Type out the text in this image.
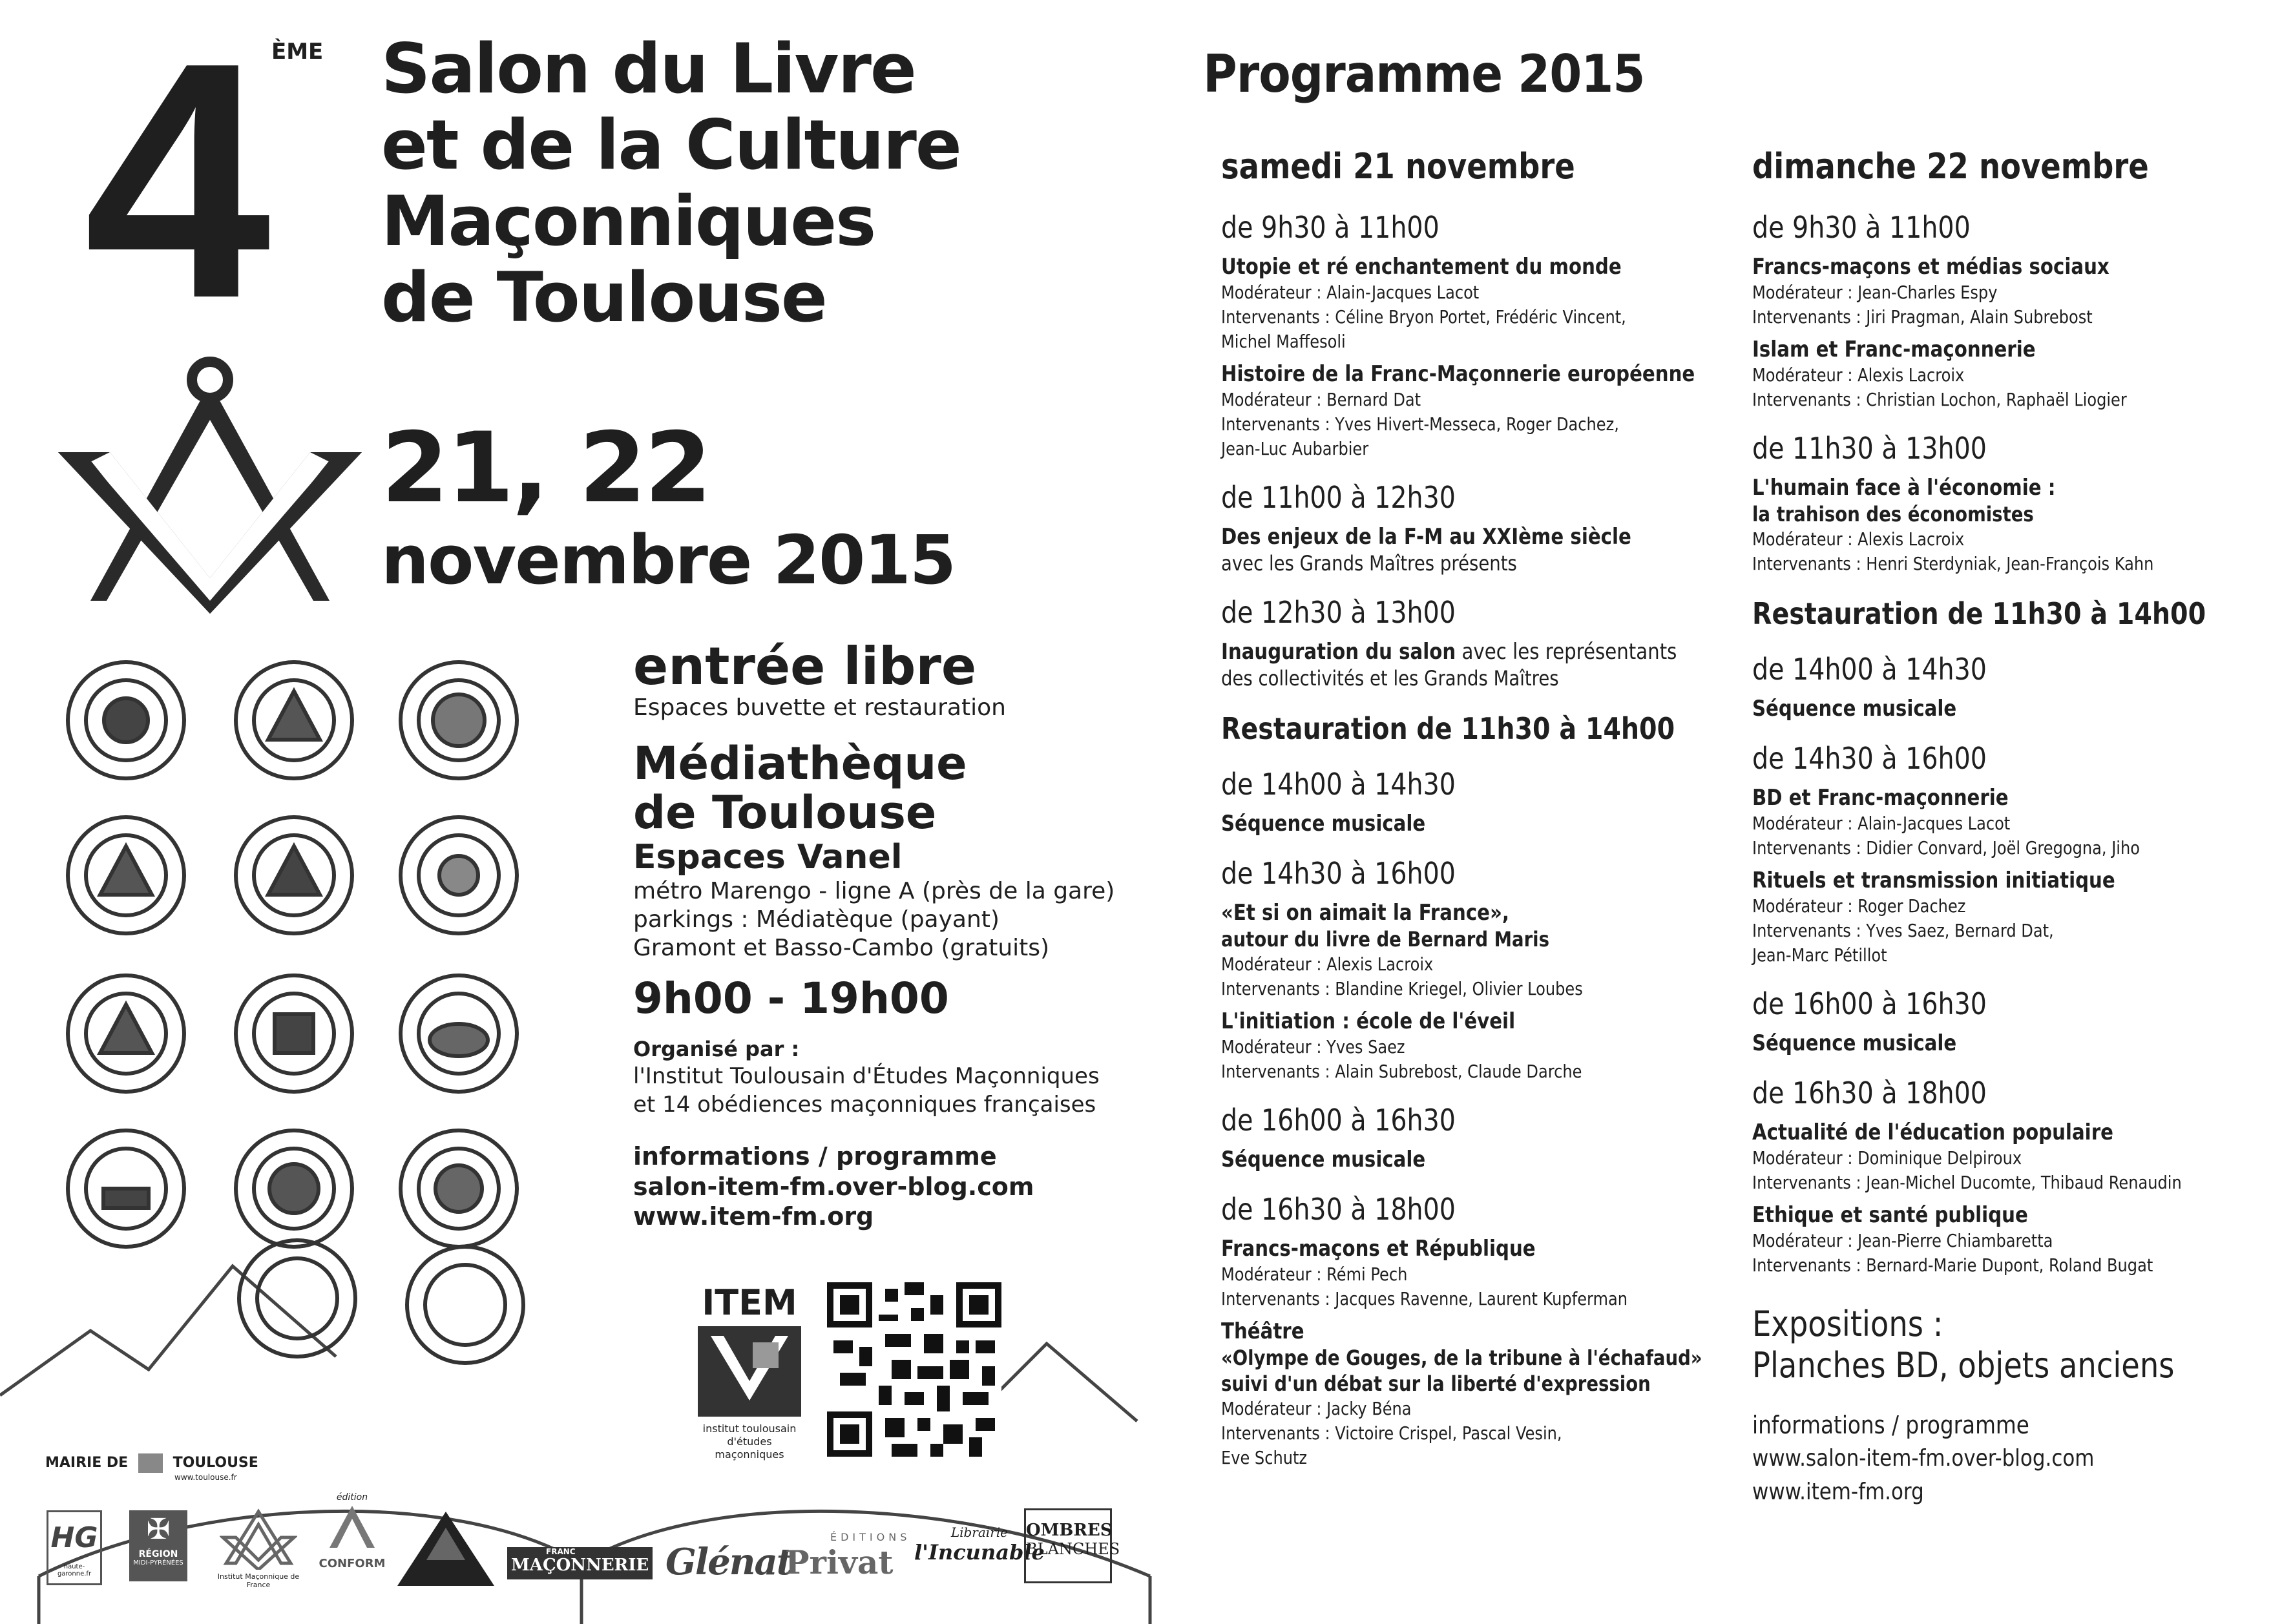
4 ÈME Salon du Livre
et de la Culture
Maçonniques
de Toulouse
21, 22
novembre 2015
entrée libre
Espaces buvette et restauration
Médiathèque
de Toulouse
Espaces Vanel
métro Marengo - ligne A (près de la gare)
parkings : Médiatèque (payant)
Gramont et Basso-Cambo (gratuits)
9h00 - 19h00
Organisé par :
l'Institut Toulousain d'Études Maçonniques
et 14 obédiences maçonniques françaises
informations / programme
salon-item-fm.over-blog.com
www.item-fm.org
ITEM
institut toulousain
d'études maçonniques
MAIRIE DE	TOULOUSE
www.toulouse.fr
HG
haute-garonne.fr
✠
RÉGION
MIDI-PYRÉNÉES
Institut Maçonnique de France
édition
CONFORM
FRANC
MAÇONNERIE Glénat
ÉDITIONS
Privat
Librairie
l'Incunable
OMBRES
BLANCHES
Programme 2015
samedi 21 novembre
de 9h30 à 11h00
Utopie et ré enchantement du monde
Modérateur : Alain-Jacques Lacot
Intervenants : Céline Bryon Portet, Frédéric Vincent,
Michel Maffesoli
Histoire de la Franc-Maçonnerie européenne
Modérateur : Bernard Dat
Intervenants : Yves Hivert-Messeca, Roger Dachez,
Jean-Luc Aubarbier
de 11h00 à 12h30
Des enjeux de la F-M au XXIème siècle
avec les Grands Maîtres présents
de 12h30 à 13h00
Inauguration du salon avec les représentants
des collectivités et les Grands Maîtres
Restauration de 11h30 à 14h00
de 14h00 à 14h30
Séquence musicale
de 14h30 à 16h00
«Et si on aimait la France»,
autour du livre de Bernard Maris
Modérateur : Alexis Lacroix
Intervenants : Blandine Kriegel, Olivier Loubes
L'initiation : école de l'éveil
Modérateur : Yves Saez
Intervenants : Alain Subrebost, Claude Darche
de 16h00 à 16h30
Séquence musicale
de 16h30 à 18h00
Francs-maçons et République
Modérateur : Rémi Pech
Intervenants : Jacques Ravenne, Laurent Kupferman
Théâtre
«Olympe de Gouges, de la tribune à l'échafaud»
suivi d'un débat sur la liberté d'expression
Modérateur : Jacky Béna
Intervenants : Victoire Crispel, Pascal Vesin,
Eve Schutz
dimanche 22 novembre
de 9h30 à 11h00
Francs-maçons et médias sociaux
Modérateur : Jean-Charles Espy
Intervenants : Jiri Pragman, Alain Subrebost
Islam et Franc-maçonnerie
Modérateur : Alexis Lacroix
Intervenants : Christian Lochon, Raphaël Liogier
de 11h30 à 13h00
L'humain face à l'économie :
la trahison des économistes
Modérateur : Alexis Lacroix
Intervenants : Henri Sterdyniak, Jean-François Kahn
Restauration de 11h30 à 14h00
de 14h00 à 14h30
Séquence musicale
de 14h30 à 16h00
BD et Franc-maçonnerie
Modérateur : Alain-Jacques Lacot
Intervenants : Didier Convard, Joël Gregogna, Jiho
Rituels et transmission initiatique
Modérateur : Roger Dachez
Intervenants : Yves Saez, Bernard Dat,
Jean-Marc Pétillot
de 16h00 à 16h30
Séquence musicale
de 16h30 à 18h00
Actualité de l'éducation populaire
Modérateur : Dominique Delpiroux
Intervenants : Jean-Michel Ducomte, Thibaud Renaudin
Ethique et santé publique
Modérateur : Jean-Pierre Chiambaretta
Intervenants : Bernard-Marie Dupont, Roland Bugat
Expositions :
Planches BD, objets anciens
informations / programme
www.salon-item-fm.over-blog.com
www.item-fm.org
